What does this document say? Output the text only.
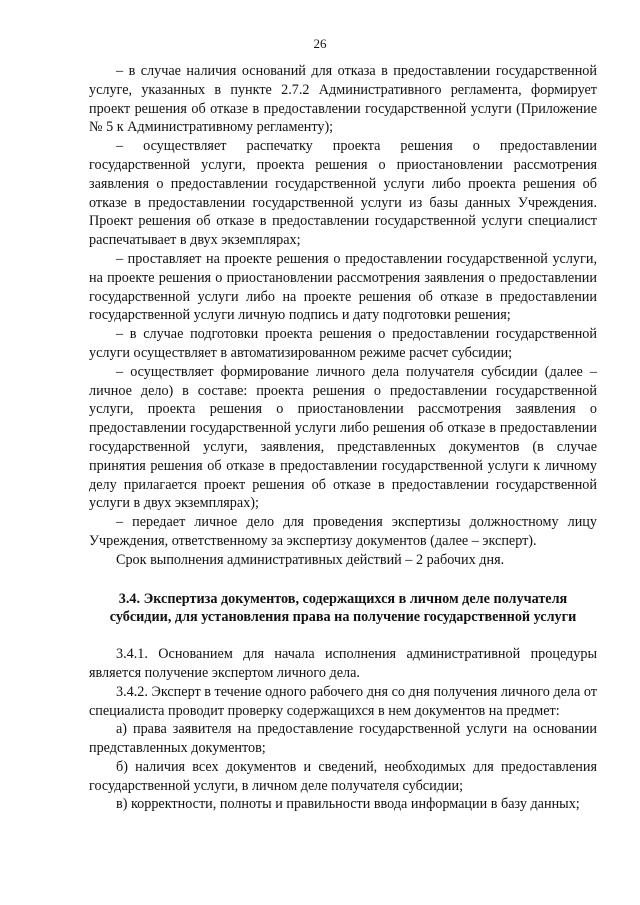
26

– в случае наличия оснований для отказа в предоставлении государственной услуге, указанных в пункте 2.7.2 Административного регламента, формирует проект решения об отказе в предоставлении государственной услуги (Приложение № 5 к Административному регламенту);

– осуществляет распечатку проекта решения о предоставлении государственной услуги, проекта решения о приостановлении рассмотрения заявления о предоставлении государственной услуги либо проекта решения об отказе в предоставлении государственной услуги из базы данных Учреждения. Проект решения об отказе в предоставлении государственной услуги специалист распечатывает в двух экземплярах;

– проставляет на проекте решения о предоставлении государственной услуги, на проекте решения о приостановлении рассмотрения заявления о предоставлении государственной услуги либо на проекте решения об отказе в предоставлении государственной услуги личную подпись и дату подготовки решения;

– в случае подготовки проекта решения о предоставлении государственной услуги осуществляет в автоматизированном режиме расчет субсидии;

– осуществляет формирование личного дела получателя субсидии (далее – личное дело) в составе: проекта решения о предоставлении государственной услуги, проекта решения о приостановлении рассмотрения заявления о предоставлении государственной услуги либо решения об отказе в предоставлении государственной услуги, заявления, представленных документов (в случае принятия решения об отказе в предоставлении государственной услуги к личному делу прилагается проект решения об отказе в предоставлении государственной услуги в двух экземплярах);

– передает личное дело для проведения экспертизы должностному лицу Учреждения, ответственному за экспертизу документов (далее – эксперт).

Срок выполнения административных действий – 2 рабочих дня.

3.4. Экспертиза документов, содержащихся в личном деле получателя субсидии, для установления права на получение государственной услуги

3.4.1. Основанием для начала исполнения административной процедуры является получение экспертом личного дела.

3.4.2. Эксперт в течение одного рабочего дня со дня получения личного дела от специалиста проводит проверку содержащихся в нем документов на предмет:

а) права заявителя на предоставление государственной услуги на основании представленных документов;

б) наличия всех документов и сведений, необходимых для предоставления государственной услуги, в личном деле получателя субсидии;

в) корректности, полноты и правильности ввода информации в базу данных;
